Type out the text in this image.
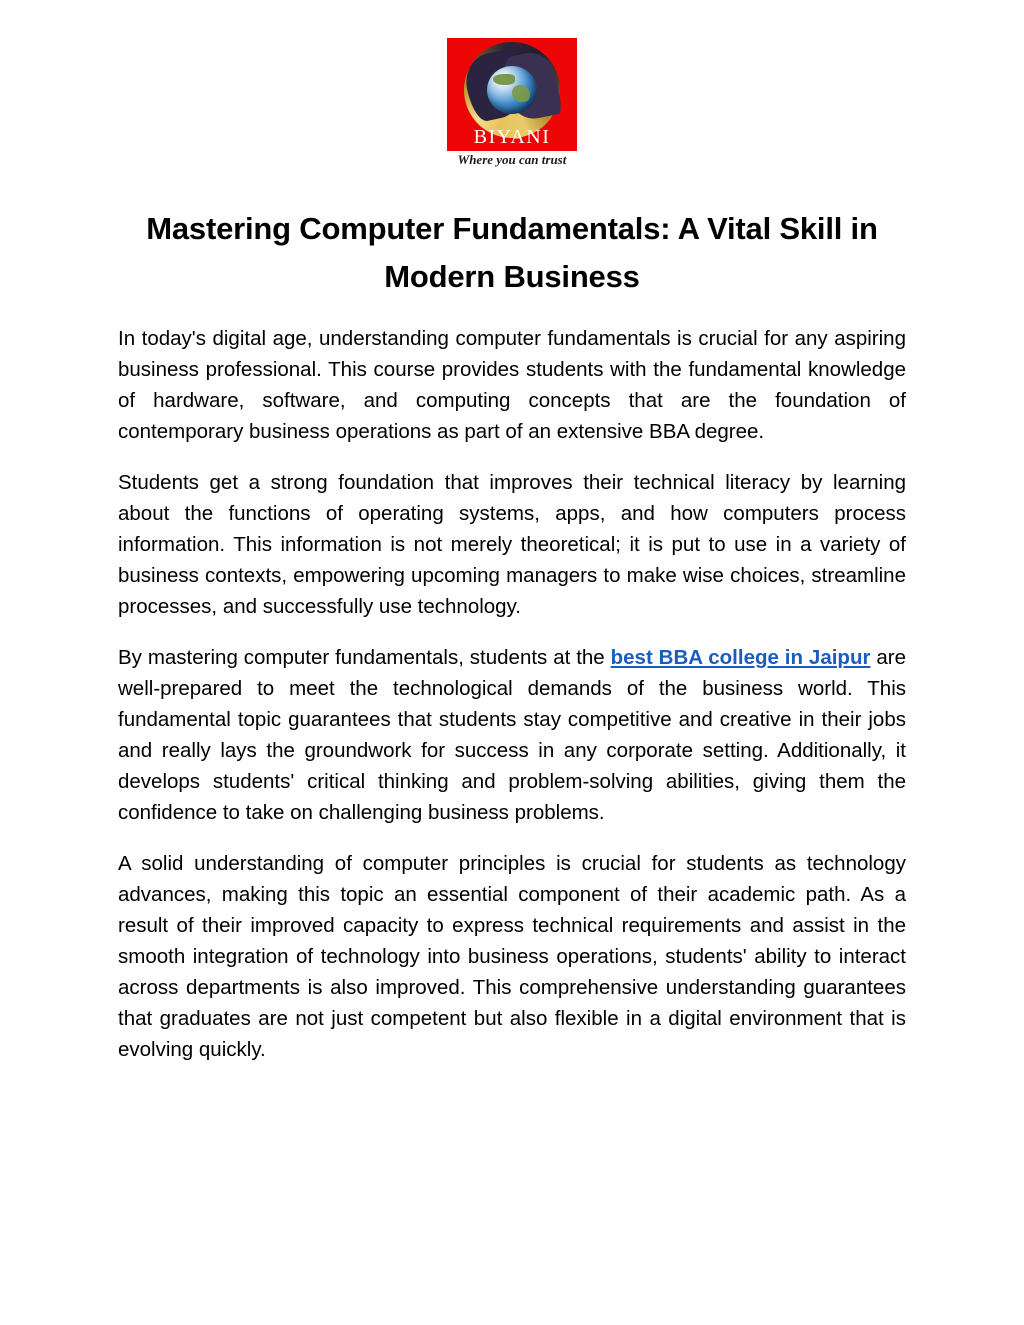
BIYANI
Where you can trust
Mastering Computer Fundamentals: A Vital Skill in Modern Business

In today's digital age, understanding computer fundamentals is crucial for any aspiring business professional. This course provides students with the fundamental knowledge of hardware, software, and computing concepts that are the foundation of contemporary business operations as part of an extensive BBA degree.

Students get a strong foundation that improves their technical literacy by learning about the functions of operating systems, apps, and how computers process information. This information is not merely theoretical; it is put to use in a variety of business contexts, empowering upcoming managers to make wise choices, streamline processes, and successfully use technology.

By mastering computer fundamentals, students at the best BBA college in Jaipur are well-prepared to meet the technological demands of the business world. This fundamental topic guarantees that students stay competitive and creative in their jobs and really lays the groundwork for success in any corporate setting. Additionally, it develops students' critical thinking and problem-solving abilities, giving them the confidence to take on challenging business problems.

A solid understanding of computer principles is crucial for students as technology advances, making this topic an essential component of their academic path. As a result of their improved capacity to express technical requirements and assist in the smooth integration of technology into business operations, students' ability to interact across departments is also improved. This comprehensive understanding guarantees that graduates are not just competent but also flexible in a digital environment that is evolving quickly.
